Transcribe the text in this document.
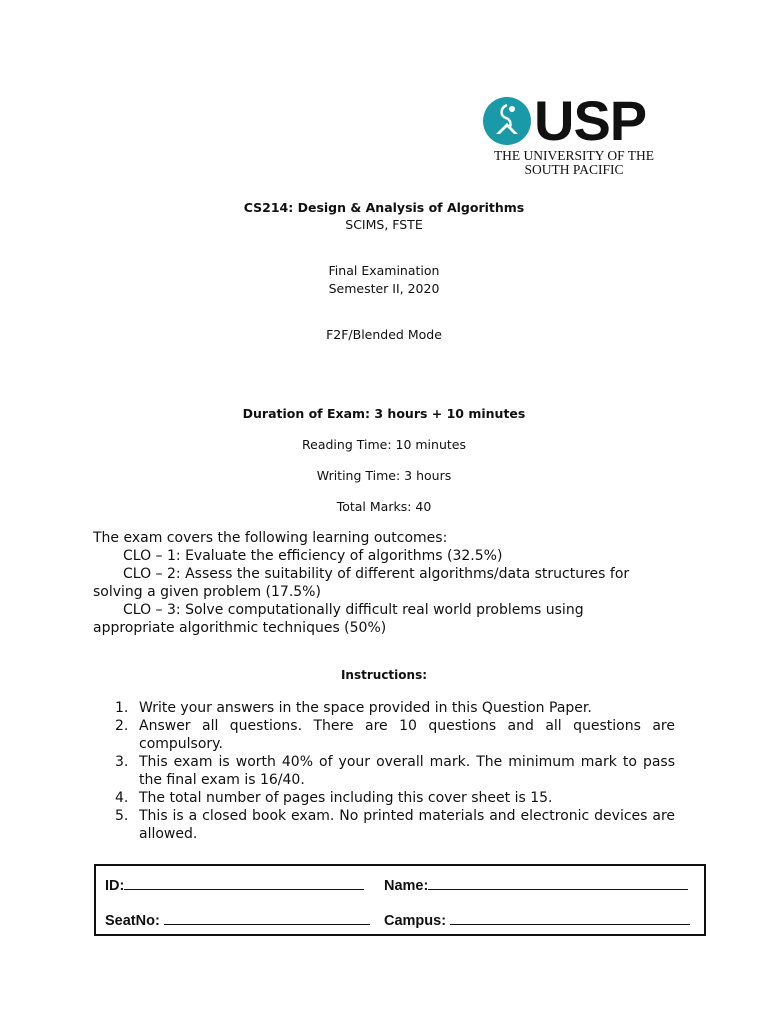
USP
THE UNIVERSITY OF THE
SOUTH PACIFIC
CS214: Design & Analysis of Algorithms
SCIMS, FSTE
Final Examination
Semester II, 2020
F2F/Blended Mode
Duration of Exam: 3 hours + 10 minutes
Reading Time: 10 minutes
Writing Time: 3 hours
Total Marks: 40

The exam covers the following learning outcomes:

CLO – 1: Evaluate the efficiency of algorithms (32.5%)

CLO – 2: Assess the suitability of different algorithms/data structures for

solving a given problem (17.5%)

CLO – 3: Solve computationally difficult real world problems using

appropriate algorithmic techniques (50%)

Instructions:
1. Write your answers in the space provided in this Question Paper.
2. Answer all questions. There are 10 questions and all questions are compulsory.
3. This exam is worth 40% of your overall mark. The minimum mark to pass the final exam is 16/40.
4. The total number of pages including this cover sheet is 15.
5. This is a closed book exam. No printed materials and electronic devices are allowed.
ID:	Name:
SeatNo:	Campus:
